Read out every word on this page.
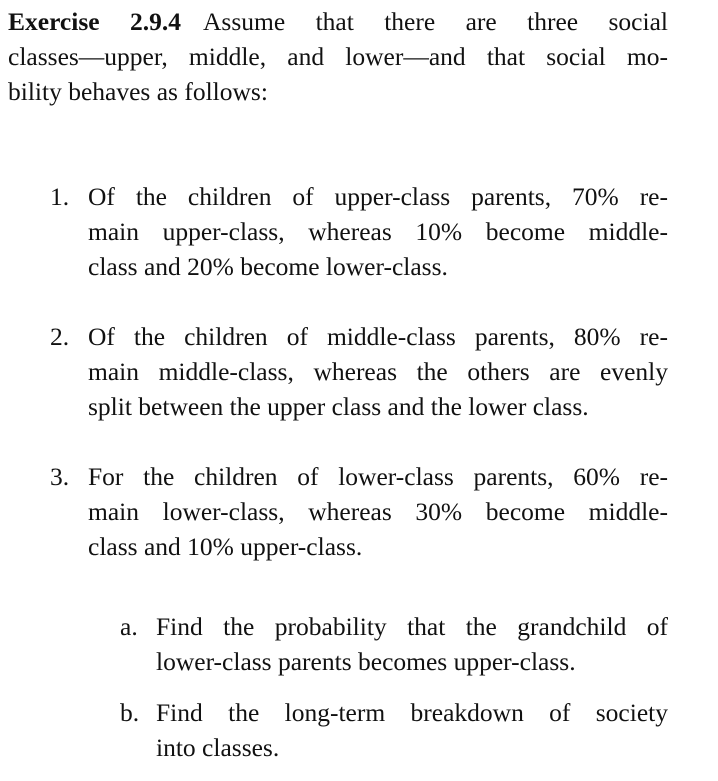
Exercise 2.9.4 Assume that there are three social
classes—upper, middle, and lower—and that social mo-
bility behaves as follows:
1. Of the children of upper-class parents, 70% re-
main upper-class, whereas 10% become middle-
class and 20% become lower-class.
2. Of the children of middle-class parents, 80% re-
main middle-class, whereas the others are evenly
split between the upper class and the lower class.
3. For the children of lower-class parents, 60% re-
main lower-class, whereas 30% become middle-
class and 10% upper-class.
a. Find the probability that the grandchild of
lower-class parents becomes upper-class.
b. Find the long-term breakdown of society
into classes.
